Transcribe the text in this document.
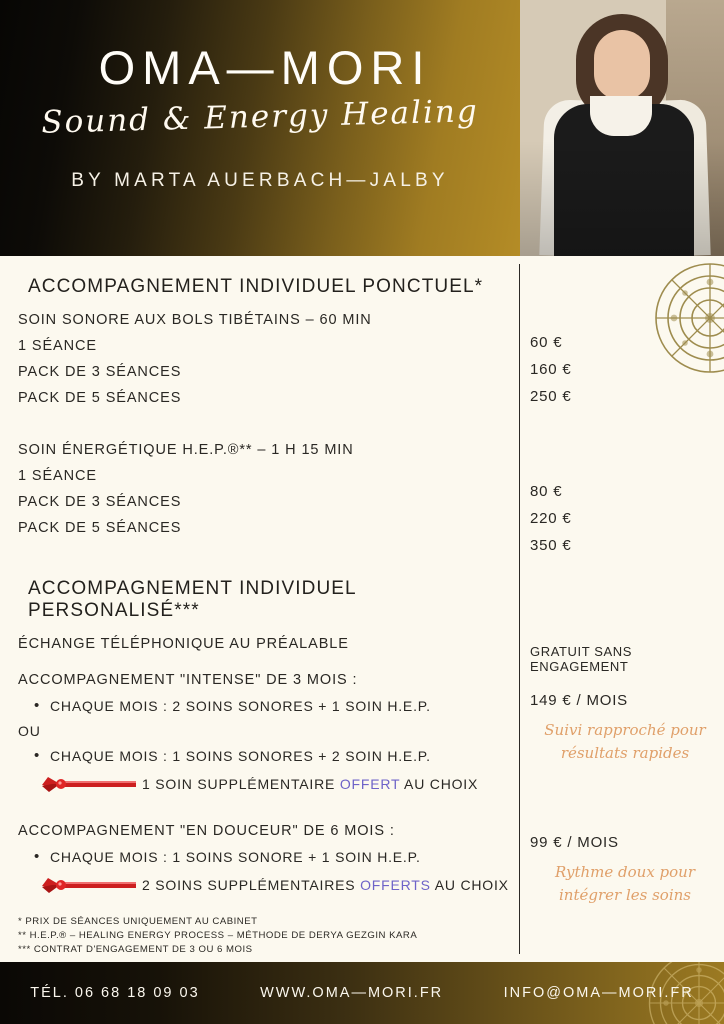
OMA—MORI
Sound & Energy Healing
BY MARTA AUERBACH—JALBY
ACCOMPAGNEMENT INDIVIDUEL PONCTUEL*
SOIN SONORE AUX BOLS TIBÉTAINS – 60 MIN
1 SÉANCE
PACK DE 3 SÉANCES
PACK DE 5 SÉANCES
SOIN ÉNERGÉTIQUE H.E.P.®** – 1 H 15 MIN
1 SÉANCE
PACK DE 3 SÉANCES
PACK DE 5 SÉANCES
ACCOMPAGNEMENT INDIVIDUEL PERSONALISÉ***
ÉCHANGE TÉLÉPHONIQUE AU PRÉALABLE
ACCOMPAGNEMENT "INTENSE" DE 3 MOIS :
• CHAQUE MOIS : 2 SOINS SONORES + 1 SOIN H.E.P.
OU
• CHAQUE MOIS : 1 SOINS SONORES + 2 SOIN H.E.P.
1 SOIN SUPPLÉMENTAIRE OFFERT AU CHOIX
ACCOMPAGNEMENT "EN DOUCEUR" DE 6 MOIS :
• CHAQUE MOIS : 1 SOINS SONORE + 1 SOIN H.E.P.
2 SOINS SUPPLÉMENTAIRES OFFERTS AU CHOIX
* PRIX DE SÉANCES UNIQUEMENT AU CABINET
** H.E.P.® – HEALING ENERGY PROCESS – MÉTHODE DE DERYA GEZGIN KARA
*** CONTRAT D'ENGAGEMENT DE 3 OU 6 MOIS
60 €
160 €
250 €
80 €
220 €
350 €
GRATUIT SANS ENGAGEMENT
149 € / MOIS
Suivi rapproché pour résultats rapides
99 € / MOIS
Rythme doux pour intégrer les soins
TÉL. 06 68 18 09 03	WWW.OMA—MORI.FR	INFO@OMA—MORI.FR
